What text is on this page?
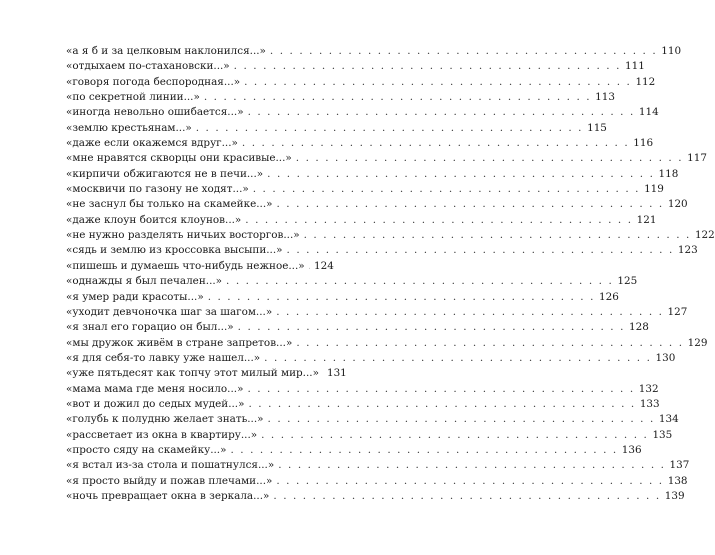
«а я б и за целковым наклонился...» . . . . . . . . . . . . . . . . . . . . . . . . . . . . . . . . . . . . . . . . 110
«отдыхаем по-стахановски...» . . . . . . . . . . . . . . . . . . . . . . . . . . . . . . . . . . . . . . . . 111
«говоря погода беспородная...» . . . . . . . . . . . . . . . . . . . . . . . . . . . . . . . . . . . . . . . . 112
«по секретной линии...» . . . . . . . . . . . . . . . . . . . . . . . . . . . . . . . . . . . . . . . . 113
«иногда невольно ошибается...» . . . . . . . . . . . . . . . . . . . . . . . . . . . . . . . . . . . . . . . . 114
«землю крестьянам...» . . . . . . . . . . . . . . . . . . . . . . . . . . . . . . . . . . . . . . . . 115
«даже если окажемся вдруг...» . . . . . . . . . . . . . . . . . . . . . . . . . . . . . . . . . . . . . . . . 116
«мне нравятся скворцы они красивые...» . . . . . . . . . . . . . . . . . . . . . . . . . . . . . . . . . . . . . . . . 117
«кирпичи обжигаются не в печи...» . . . . . . . . . . . . . . . . . . . . . . . . . . . . . . . . . . . . . . . . 118
«москвичи по газону не ходят...» . . . . . . . . . . . . . . . . . . . . . . . . . . . . . . . . . . . . . . . . 119
«не заснул бы только на скамейке...» . . . . . . . . . . . . . . . . . . . . . . . . . . . . . . . . . . . . . . . . 120
«даже клоун боится клоунов...» . . . . . . . . . . . . . . . . . . . . . . . . . . . . . . . . . . . . . . . . 121
«не нужно разделять ничьих восторгов...» . . . . . . . . . . . . . . . . . . . . . . . . . . . . . . . . . . . . . . . . 122
«сядь и землю из кроссовка высыпи...» . . . . . . . . . . . . . . . . . . . . . . . . . . . . . . . . . . . . . . . . 123
«пишешь и думаешь что-нибудь нежное...» 124
«однажды я был печален...» . . . . . . . . . . . . . . . . . . . . . . . . . . . . . . . . . . . . . . . . 125
«я умер ради красоты...» . . . . . . . . . . . . . . . . . . . . . . . . . . . . . . . . . . . . . . . . 126
«уходит девчоночка шаг за шагом...» . . . . . . . . . . . . . . . . . . . . . . . . . . . . . . . . . . . . . . . . 127
«я знал его горацио он был...» . . . . . . . . . . . . . . . . . . . . . . . . . . . . . . . . . . . . . . . . 128
«мы дружок живём в стране запретов...» . . . . . . . . . . . . . . . . . . . . . . . . . . . . . . . . . . . . . . . . 129
«я для себя-то лавку уже нашел...» . . . . . . . . . . . . . . . . . . . . . . . . . . . . . . . . . . . . . . . . 130
«уже пятьдесят как топчу этот милый мир...» 131
«мама мама где меня носило...» . . . . . . . . . . . . . . . . . . . . . . . . . . . . . . . . . . . . . . . . 132
«вот и дожил до седых мудей...» . . . . . . . . . . . . . . . . . . . . . . . . . . . . . . . . . . . . . . . . 133
«голубь к полудню желает знать...» . . . . . . . . . . . . . . . . . . . . . . . . . . . . . . . . . . . . . . . . 134
«рассветает из окна в квартиру...» . . . . . . . . . . . . . . . . . . . . . . . . . . . . . . . . . . . . . . . . 135
«просто сяду на скамейку...» . . . . . . . . . . . . . . . . . . . . . . . . . . . . . . . . . . . . . . . . 136
«я встал из-за стола и пошатнулся...» . . . . . . . . . . . . . . . . . . . . . . . . . . . . . . . . . . . . . . . . 137
«я просто выйду и пожав плечами...» . . . . . . . . . . . . . . . . . . . . . . . . . . . . . . . . . . . . . . . . 138
«ночь превращает окна в зеркала...» . . . . . . . . . . . . . . . . . . . . . . . . . . . . . . . . . . . . . . . . 139
